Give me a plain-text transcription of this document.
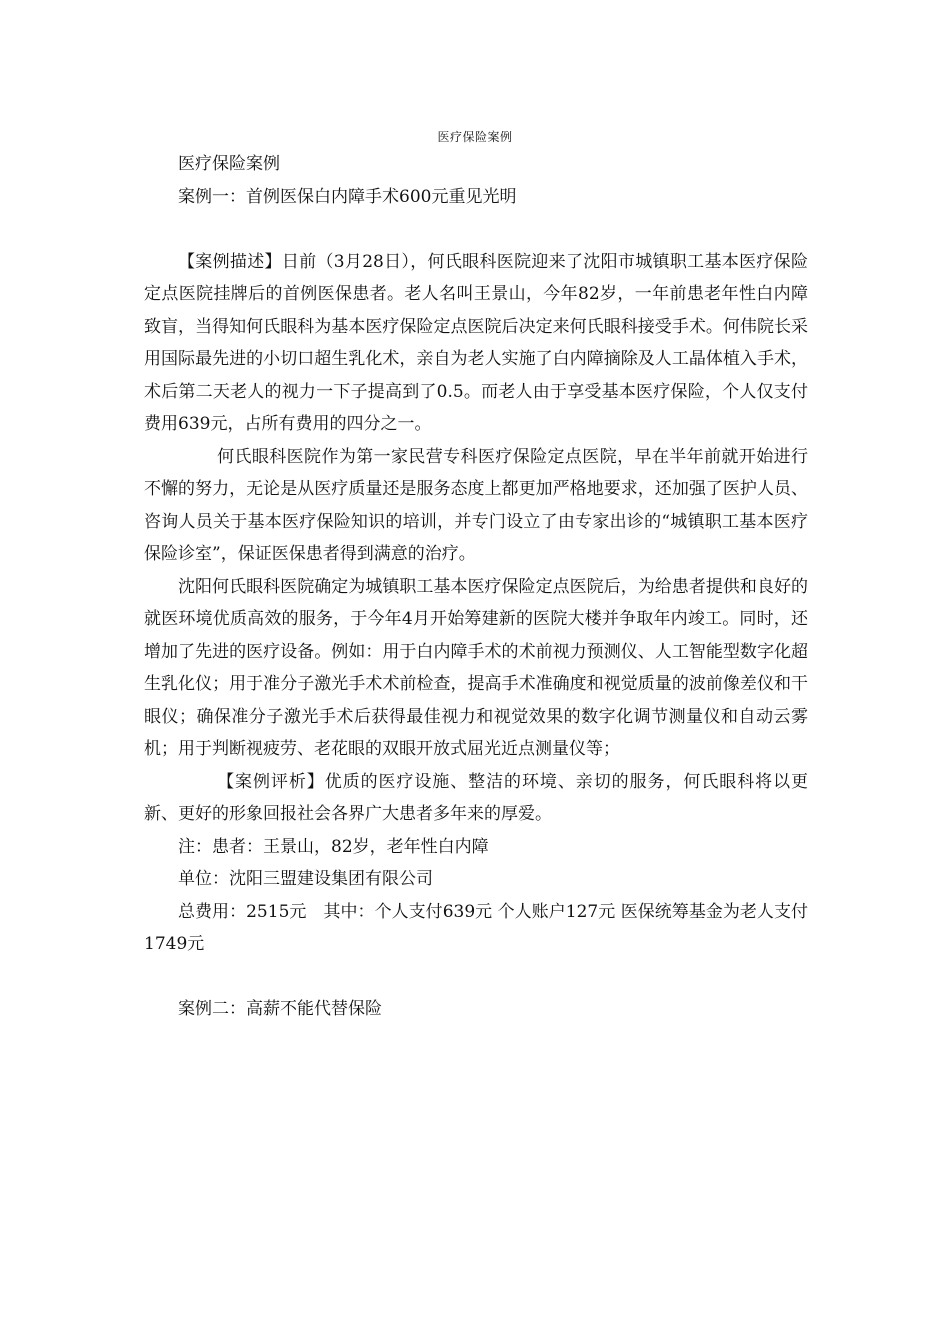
医疗保险案例

医疗保险案例

案例一：首例医保白内障手术600元重见光明

【案例描述】日前（3月28日），何氏眼科医院迎来了沈阳市城镇职工基本医疗保险定点医院挂牌后的首例医保患者。老人名叫王景山，今年82岁，一年前患老年性白内障致盲，当得知何氏眼科为基本医疗保险定点医院后决定来何氏眼科接受手术。何伟院长采用国际最先进的小切口超生乳化术，亲自为老人实施了白内障摘除及人工晶体植入手术，术后第二天老人的视力一下子提高到了0.5。而老人由于享受基本医疗保险，个人仅支付费用639元，占所有费用的四分之一。

何氏眼科医院作为第一家民营专科医疗保险定点医院，早在半年前就开始进行不懈的努力，无论是从医疗质量还是服务态度上都更加严格地要求，还加强了医护人员、咨询人员关于基本医疗保险知识的培训，并专门设立了由专家出诊的“城镇职工基本医疗保险诊室”，保证医保患者得到满意的治疗。

沈阳何氏眼科医院确定为城镇职工基本医疗保险定点医院后，为给患者提供和良好的就医环境优质高效的服务，于今年4月开始筹建新的医院大楼并争取年内竣工。同时，还增加了先进的医疗设备。例如：用于白内障手术的术前视力预测仪、人工智能型数字化超生乳化仪；用于准分子激光手术术前检查，提高手术准确度和视觉质量的波前像差仪和干眼仪；确保准分子激光手术后获得最佳视力和视觉效果的数字化调节测量仪和自动云雾机；用于判断视疲劳、老花眼的双眼开放式屈光近点测量仪等；

【案例评析】优质的医疗设施、整洁的环境、亲切的服务，何氏眼科将以更新、更好的形象回报社会各界广大患者多年来的厚爱。

注：患者：王景山，82岁，老年性白内障

单位：沈阳三盟建设集团有限公司

总费用：2515元　其中：个人支付639元 个人账户127元 医保统筹基金为老人支付1749元

案例二：高薪不能代替保险
